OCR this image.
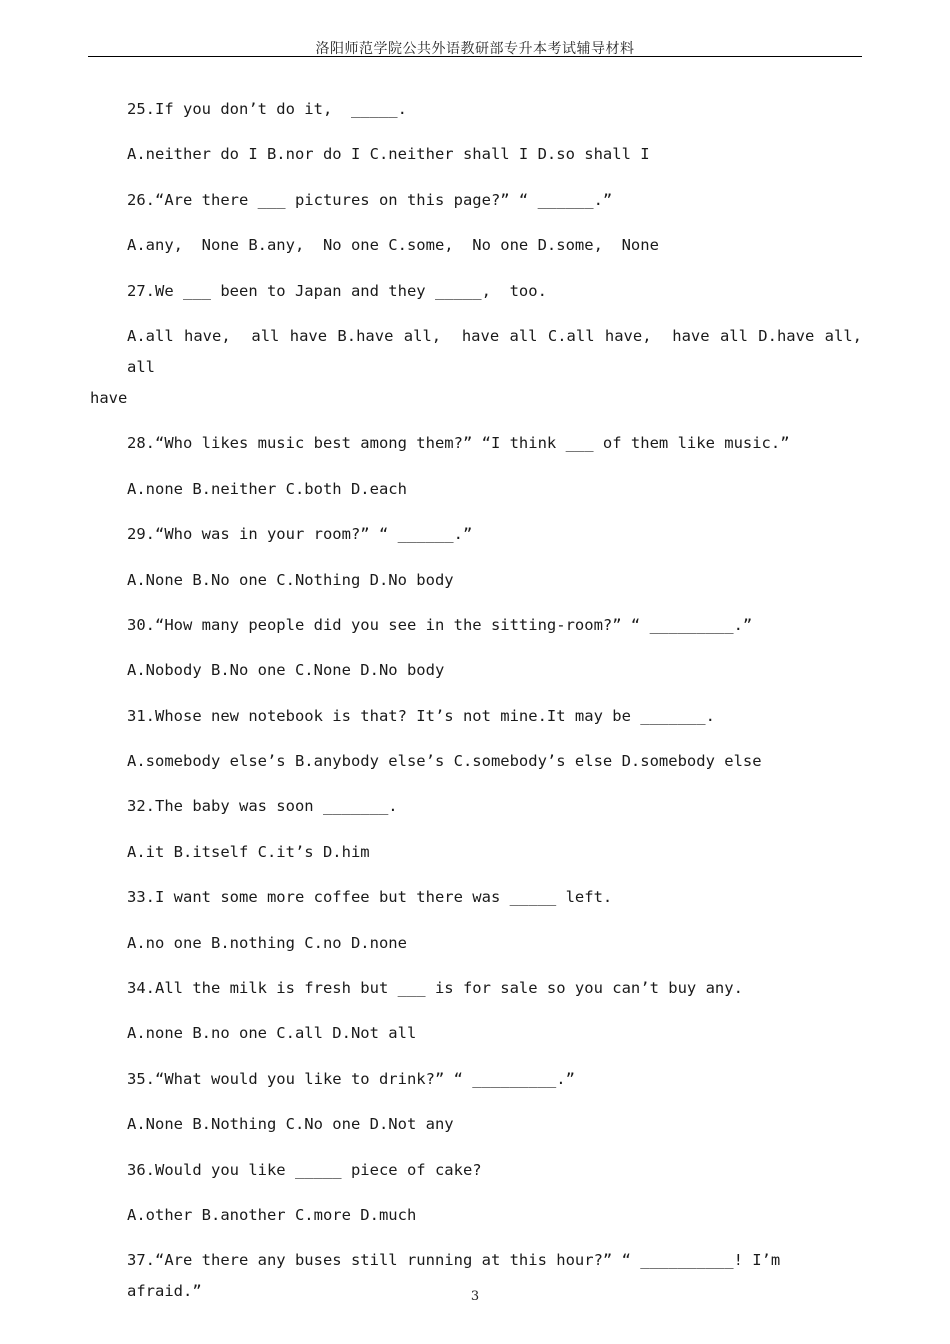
洛阳师范学院公共外语教研部专升本考试辅导材料
25.If you don’t do it,  _____.
A.neither do I B.nor do I C.neither shall I D.so shall I
26.“Are there ___ pictures on this page?” “ ______.”
A.any,  None B.any,  No one C.some,  No one D.some,  None
27.We ___ been to Japan and they _____,  too.
A.all have,  all have B.have all,  have all C.all have,  have all D.have all,  all
have
28.“Who likes music best among them?” “I think ___ of them like music.”
A.none B.neither C.both D.each
29.“Who was in your room?” “ ______.”
A.None B.No one C.Nothing D.No body
30.“How many people did you see in the sitting-room?” “ _________.”
A.Nobody B.No one C.None D.No body
31.Whose new notebook is that? It’s not mine.It may be _______.
A.somebody else’s B.anybody else’s C.somebody’s else D.somebody else
32.The baby was soon _______.
A.it B.itself C.it’s D.him
33.I want some more coffee but there was _____ left.
A.no one B.nothing C.no D.none
34.All the milk is fresh but ___ is for sale so you can’t buy any.
A.none B.no one C.all D.Not all
35.“What would you like to drink?” “ _________.”
A.None B.Nothing C.No one D.Not any
36.Would you like _____ piece of cake?
A.other B.another C.more D.much
37.“Are there any buses still running at this hour?” “ __________! I’m afraid.”	3
